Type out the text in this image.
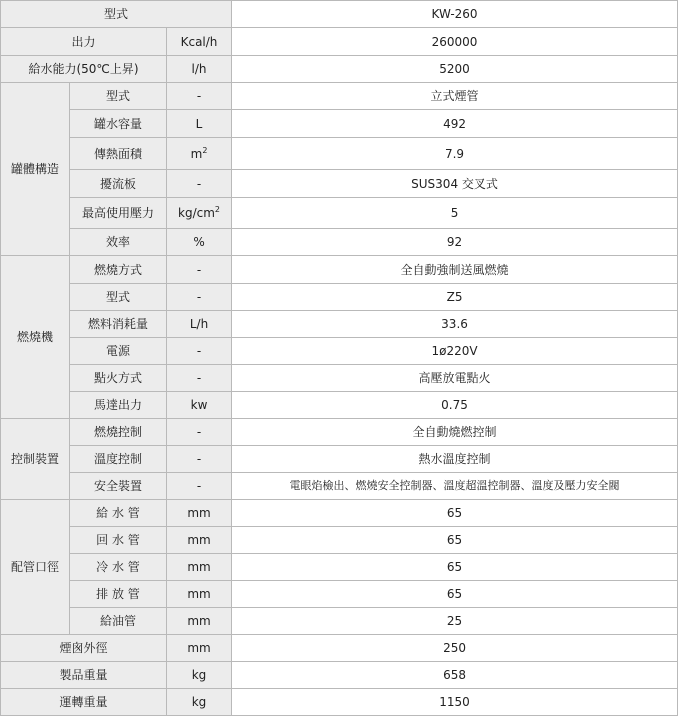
型式			KW-260
出力		Kcal/h	260000
給水能力(50℃上昇)		l/h	5200
罐體構造	型式	-	立式煙管
	罐水容量	L	492
	傳熱面積	$m^2$	7.9
	擾流板	-	SUS304 交叉式
	最高使用壓力	$kg/cm^2$	5
	效率	%	92
燃燒機	燃燒方式	-	全自動強制送風燃燒
	型式	-	Z5
	燃料消耗量	L/h	33.6
	電源	-	1ø220V
	點火方式	-	高壓放電點火
	馬達出力	kw	0.75
控制裝置	燃燒控制	-	全自動燒燃控制
	溫度控制	-	熱水溫度控制
	安全裝置	-	電眼焰檢出、燃燒安全控制器、溫度超溫控制器、溫度及壓力安全閥
配管口徑	給 水 管	mm	65
	回 水 管	mm	65
	冷 水 管	mm	65
	排 放 管	mm	65
	給油管	mm	25
煙囪外徑		mm	250
製品重量		kg	658
運轉重量		kg	1150
